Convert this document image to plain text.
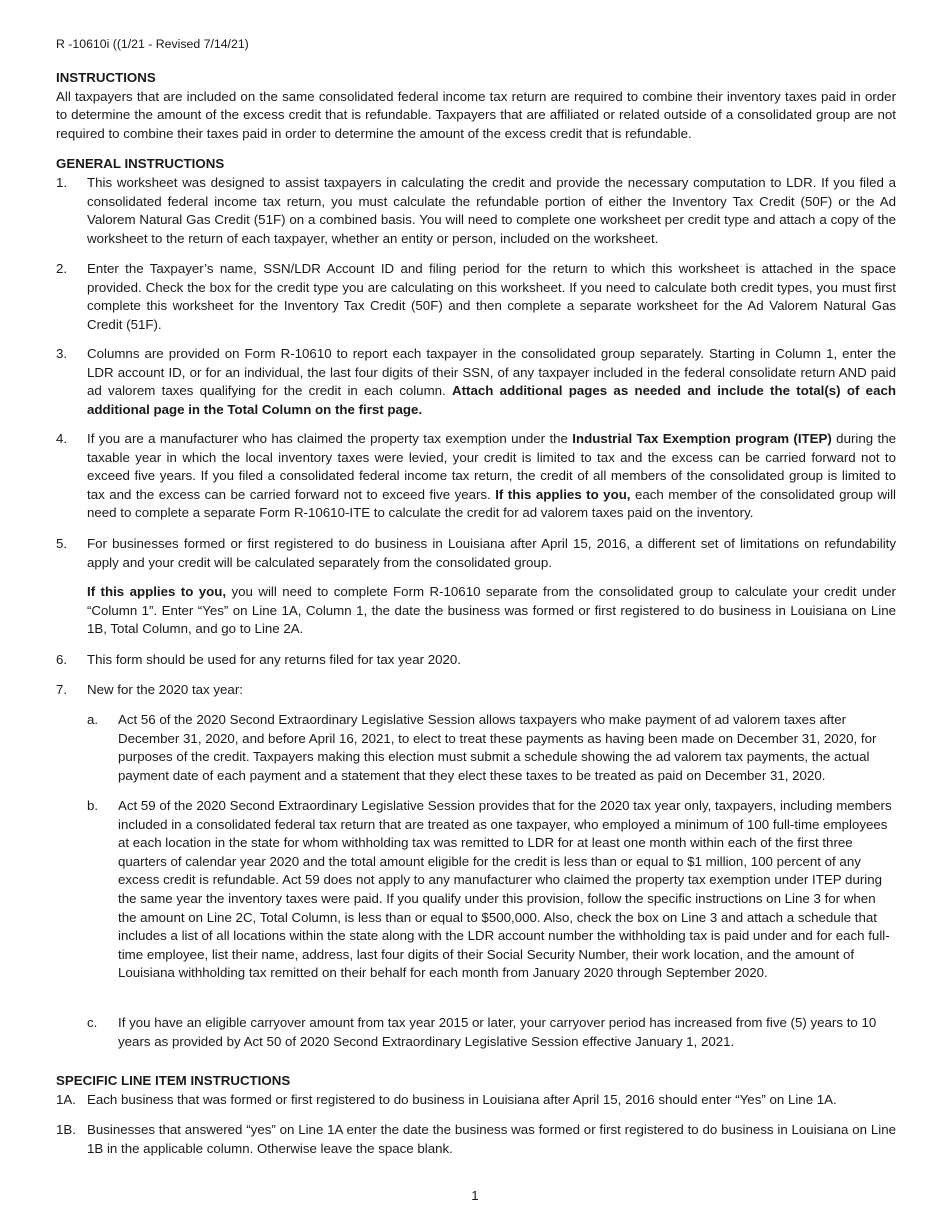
R -10610i ((1/21 - Revised 7/14/21)

INSTRUCTIONS

All taxpayers that are included on the same consolidated federal income tax return are required to combine their inventory taxes paid in order to determine the amount of the excess credit that is refundable. Taxpayers that are affiliated or related outside of a consolidated group are not required to combine their taxes paid in order to determine the amount of the excess credit that is refundable.

GENERAL INSTRUCTIONS

1.	This worksheet was designed to assist taxpayers in calculating the credit and provide the necessary computation to LDR. If you filed a consolidated federal income tax return, you must calculate the refundable portion of either the Inventory Tax Credit (50F) or the Ad Valorem Natural Gas Credit (51F) on a combined basis. You will need to complete one worksheet per credit type and attach a copy of the worksheet to the return of each taxpayer, whether an entity or person, included on the worksheet.
2.	Enter the Taxpayer’s name, SSN/LDR Account ID and filing period for the return to which this worksheet is attached in the space provided. Check the box for the credit type you are calculating on this worksheet. If you need to calculate both credit types, you must first complete this worksheet for the Inventory Tax Credit (50F) and then complete a separate worksheet for the Ad Valorem Natural Gas Credit (51F).
3.	Columns are provided on Form R-10610 to report each taxpayer in the consolidated group separately. Starting in Column 1, enter the LDR account ID, or for an individual, the last four digits of their SSN, of any taxpayer included in the federal consolidate return AND paid ad valorem taxes qualifying for the credit in each column. Attach additional pages as needed and include the total(s) of each additional page in the Total Column on the first page.
4.	If you are a manufacturer who has claimed the property tax exemption under the Industrial Tax Exemption program (ITEP) during the taxable year in which the local inventory taxes were levied, your credit is limited to tax and the excess can be carried forward not to exceed five years. If you filed a consolidated federal income tax return, the credit of all members of the consolidated group is limited to tax and the excess can be carried forward not to exceed five years. If this applies to you, each member of the consolidated group will need to complete a separate Form R-10610-ITE to calculate the credit for ad valorem taxes paid on the inventory.
5.	For businesses formed or first registered to do business in Louisiana after April 15, 2016, a different set of limitations on refundability apply and your credit will be calculated separately from the consolidated group.
If this applies to you, you will need to complete Form R-10610 separate from the consolidated group to calculate your credit under “Column 1”. Enter “Yes” on Line 1A, Column 1, the date the business was formed or first registered to do business in Louisiana on Line 1B, Total Column, and go to Line 2A.
6.	This form should be used for any returns filed for tax year 2020.
7.	New for the 2020 tax year:
a.	Act 56 of the 2020 Second Extraordinary Legislative Session allows taxpayers who make payment of ad valorem taxes after December 31, 2020, and before April 16, 2021, to elect to treat these payments as having been made on December 31, 2020, for purposes of the credit. Taxpayers making this election must submit a schedule showing the ad valorem tax payments, the actual payment date of each payment and a statement that they elect these taxes to be treated as paid on December 31, 2020.
b.	Act 59 of the 2020 Second Extraordinary Legislative Session provides that for the 2020 tax year only, taxpayers, including members included in a consolidated federal tax return that are treated as one taxpayer, who employed a minimum of 100 full-time employees at each location in the state for whom withholding tax was remitted to LDR for at least one month within each of the first three quarters of calendar year 2020 and the total amount eligible for the credit is less than or equal to $1 million, 100 percent of any excess credit is refundable. Act 59 does not apply to any manufacturer who claimed the property tax exemption under ITEP during the same year the inventory taxes were paid. If you qualify under this provision, follow the specific instructions on Line 3 for when the amount on Line 2C, Total Column, is less than or equal to $500,000. Also, check the box on Line 3 and attach a schedule that includes a list of all locations within the state along with the LDR account number the withholding tax is paid under and for each full-time employee, list their name, address, last four digits of their Social Security Number, their work location, and the amount of Louisiana withholding tax remitted on their behalf for each month from January 2020 through September 2020.
c.	If you have an eligible carryover amount from tax year 2015 or later, your carryover period has increased from five (5) years to 10 years as provided by Act 50 of 2020 Second Extraordinary Legislative Session effective January 1, 2021.

SPECIFIC LINE ITEM INSTRUCTIONS

1A. Each business that was formed or first registered to do business in Louisiana after April 15, 2016 should enter “Yes” on Line 1A.
1B. Businesses that answered “yes” on Line 1A enter the date the business was formed or first registered to do business in Louisiana on Line 1B in the applicable column. Otherwise leave the space blank.
1
